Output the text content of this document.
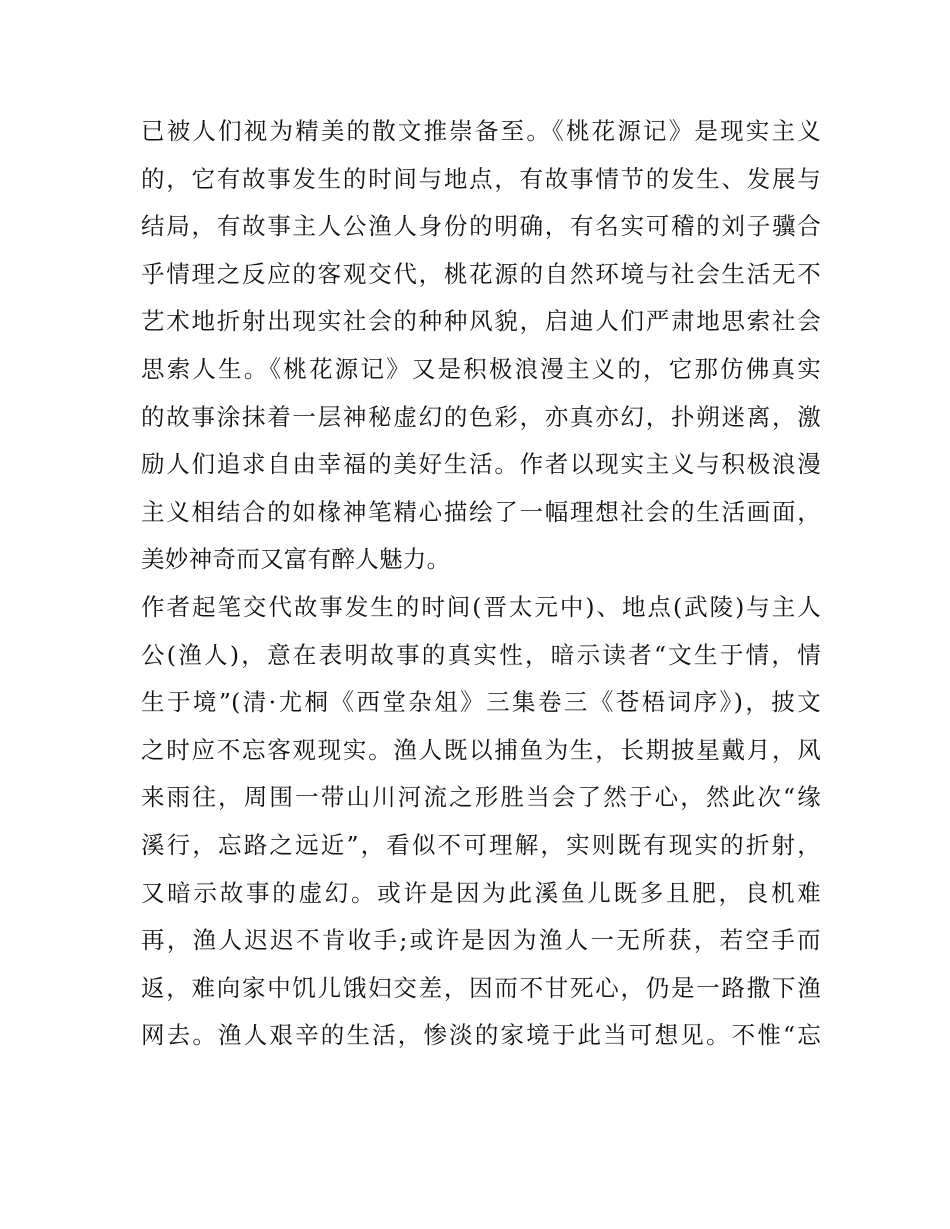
已被人们视为精美的散文推崇备至。《桃花源记》是现实主义
的，它有故事发生的时间与地点，有故事情节的发生、发展与
结局，有故事主人公渔人身份的明确，有名实可稽的刘子骥合
乎情理之反应的客观交代，桃花源的自然环境与社会生活无不
艺术地折射出现实社会的种种风貌，启迪人们严肃地思索社会
思索人生。《桃花源记》又是积极浪漫主义的，它那仿佛真实
的故事涂抹着一层神秘虚幻的色彩，亦真亦幻，扑朔迷离，激
励人们追求自由幸福的美好生活。作者以现实主义与积极浪漫
主义相结合的如椽神笔精心描绘了一幅理想社会的生活画面，
美妙神奇而又富有醉人魅力。
作者起笔交代故事发生的时间(晋太元中)、地点(武陵)与主人
公(渔人)，意在表明故事的真实性，暗示读者“文生于情，情
生于境”(清·尤桐《西堂杂俎》三集卷三《苍梧词序》)，披文
之时应不忘客观现实。渔人既以捕鱼为生，长期披星戴月，风
来雨往，周围一带山川河流之形胜当会了然于心，然此次“缘
溪行，忘路之远近”，看似不可理解，实则既有现实的折射，
又暗示故事的虚幻。或许是因为此溪鱼儿既多且肥，良机难
再，渔人迟迟不肯收手;或许是因为渔人一无所获，若空手而
返，难向家中饥儿饿妇交差，因而不甘死心，仍是一路撒下渔
网去。渔人艰辛的生活，惨淡的家境于此当可想见。不惟“忘
